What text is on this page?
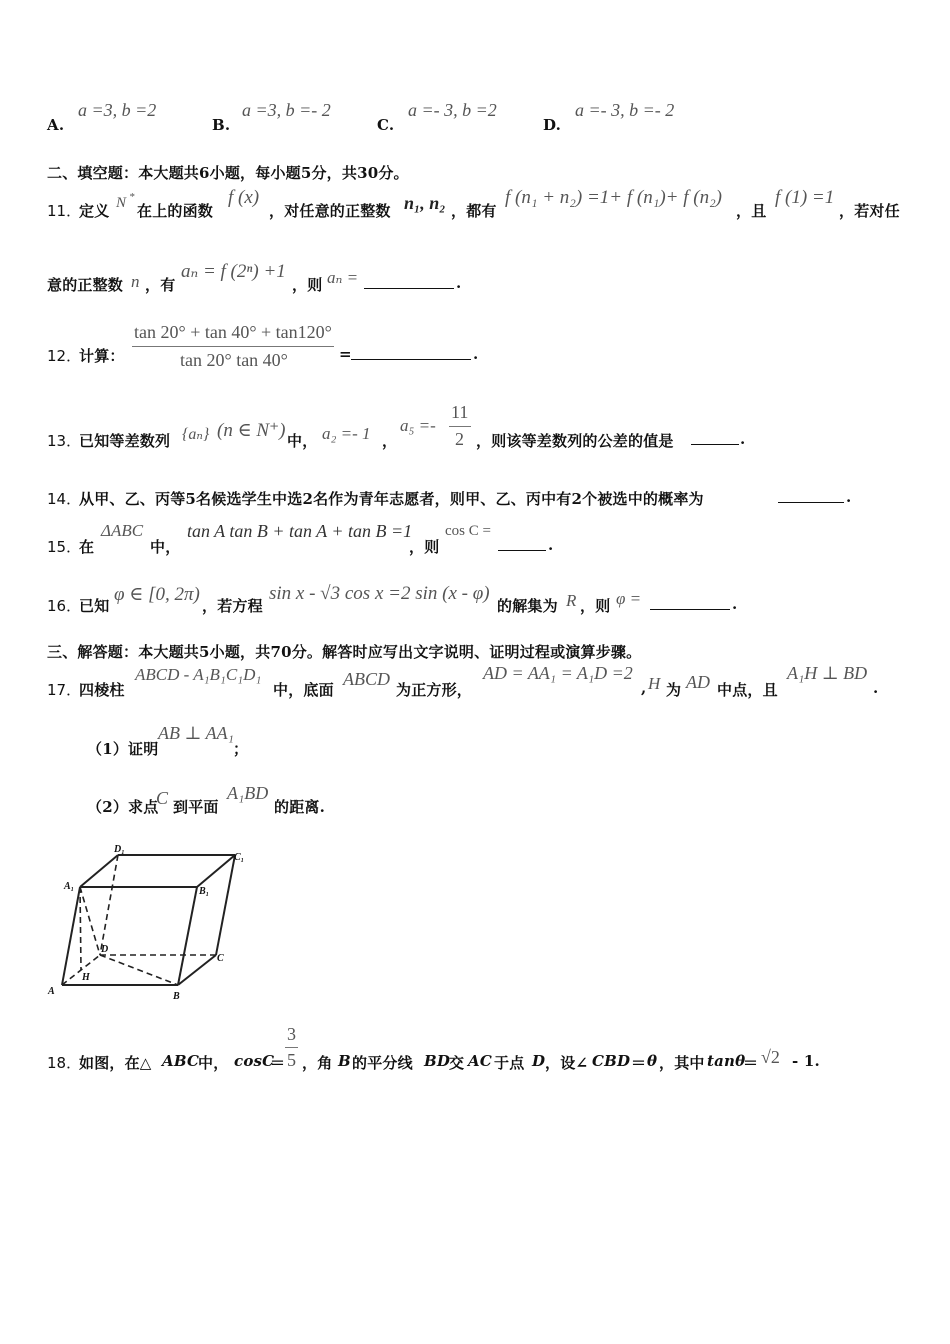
A.
a =3, b =2
B.
a =3, b =- 2
C.
a =- 3, b =2
D.
a =- 3, b =- 2
二、填空题：本大题共6小题，每小题5分，共30分。
11．
定义 N *
在上的函数
f (x)
，对任意的正整数 n₁, n₂ ，都有
f (n₁ + n₂) =1+ f (n₁)+ f (n₂)
，且
f (1) =1
，若对任
意的正整数 n ，有
aₙ = f (2ⁿ) +1
，则 aₙ =	.
12．
计算：
tan 20° + tan 40° + tan120°
tan 20° tan 40°	=	.
13．
已知等差数列 {aₙ} (n ∈ N⁺) 中， a₂ =- 1 ，
a₅ =-
11
2 ，则该等差数列的公差的值是	.
14．
从甲、乙、丙等5名候选学生中选2名作为青年志愿者，则甲、乙、丙中有2个被选中的概率为	.
15．
在
ΔABC
中，
tan A tan B + tan A + tan B =1
，则
cos C =
.
16．
已知
φ ∈ [0, 2π)
，若方程
sin x - √3 cos x =2 sin (x - φ)
的解集为 R ，则 φ =	.
三、解答题：本大题共5小题，共70分。解答时应写出文字说明、证明过程或演算步骤。
17．
四棱柱
ABCD - A₁B₁C₁D₁
中，底面
ABCD
为正方形，
AD = AA₁ = A₁D =2
, H 为 AD 中点，且
A₁H ⊥ BD
.
（1）证明
AB ⊥ AA₁
；
（2）求点
C 到平面
A₁BD
的距离.
A	B
C
D
H
A₁	B₁
C₁
D₁
18．
如图，在△ ABC
中， cosC
＝
3
5 ，角 B 的平分线 BD
交 AC 于点 D ，设∠ CBD ＝ θ ，其中 tanθ
＝ √2 - 1.
